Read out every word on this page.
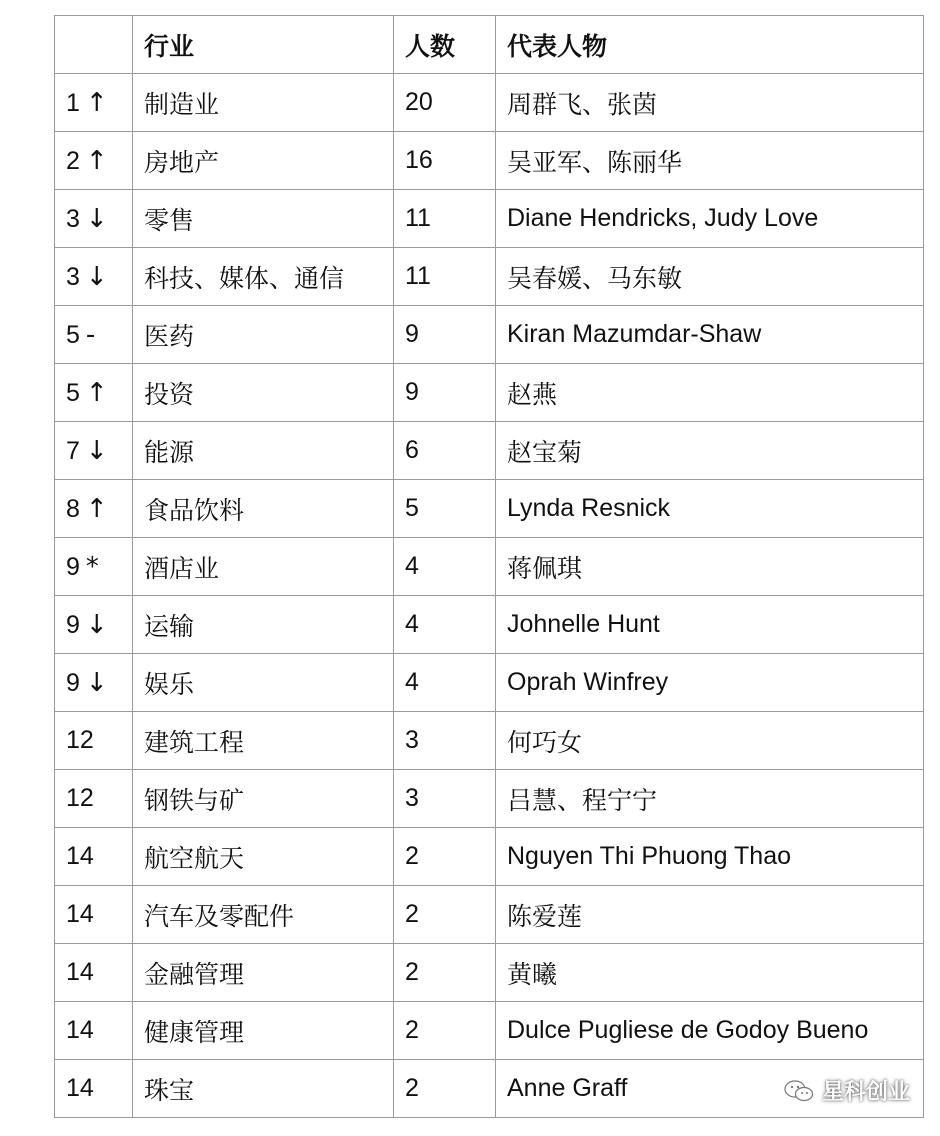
	行业	人数	代表人物
1 ↑	制造业	20	周群飞、张茵
2 ↑	房地产	16	吴亚军、陈丽华
3 ↓	零售	11	Diane Hendricks, Judy Love
3 ↓	科技、媒体、通信	11	吴春媛、马东敏
5 -	医药	9	Kiran Mazumdar-Shaw
5 ↑	投资	9	赵燕
7 ↓	能源	6	赵宝菊
8 ↑	食品饮料	5	Lynda Resnick
9 *	酒店业	4	蒋佩琪
9 ↓	运输	4	Johnelle Hunt
9 ↓	娱乐	4	Oprah Winfrey
12	建筑工程	3	何巧女
12	钢铁与矿	3	吕慧、程宁宁
14	航空航天	2	Nguyen Thi Phuong Thao
14	汽车及零配件	2	陈爱莲
14	金融管理	2	黄曦
14	健康管理	2	Dulce Pugliese de Godoy Bueno
14	珠宝	2	Anne Graff	星科创业
